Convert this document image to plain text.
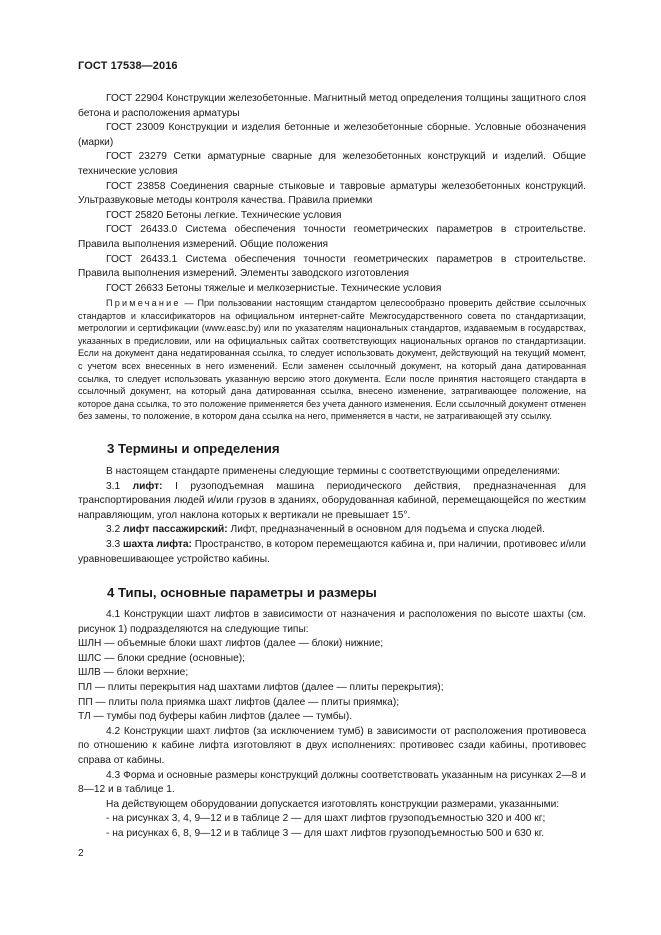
ГОСТ 17538—2016

ГОСТ 22904 Конструкции железобетонные. Магнитный метод определения толщины защитного слоя бетона и расположения арматуры

ГОСТ 23009 Конструкции и изделия бетонные и железобетонные сборные. Условные обозначения (марки)

ГОСТ 23279 Сетки арматурные сварные для железобетонных конструкций и изделий. Общие технические условия

ГОСТ 23858 Соединения сварные стыковые и тавровые арматуры железобетонных конструкций. Ультразвуковые методы контроля качества. Правила приемки

ГОСТ 25820 Бетоны легкие. Технические условия

ГОСТ 26433.0 Система обеспечения точности геометрических параметров в строительстве. Правила выполнения измерений. Общие положения

ГОСТ 26433.1 Система обеспечения точности геометрических параметров в строительстве. Правила выполнения измерений. Элементы заводского изготовления

ГОСТ 26633 Бетоны тяжелые и мелкозернистые. Технические условия

Примечание — При пользовании настоящим стандартом целесообразно проверить действие ссылочных стандартов и классификаторов на официальном интернет-сайте Межгосударственного совета по стандартизации, метрологии и сертификации (www.easc.by) или по указателям национальных стандартов, издаваемым в государствах, указанных в предисловии, или на официальных сайтах соответствующих национальных органов по стандартизации. Если на документ дана недатированная ссылка, то следует использовать документ, действующий на текущий момент, с учетом всех внесенных в него изменений. Если заменен ссылочный документ, на который дана датированная ссылка, то следует использовать указанную версию этого документа. Если после принятия настоящего стандарта в ссылочный документ, на который дана датированная ссылка, внесено изменение, затрагивающее положение, на которое дана ссылка, то это положение применяется без учета данного изменения. Если ссылочный документ отменен без замены, то положение, в котором дана ссылка на него, применяется в части, не затрагивающей эту ссылку.

3 Термины и определения

В настоящем стандарте применены следующие термины с соответствующими определениями:

3.1 лифт: I рузоподъемная машина периодического действия, предназначенная для транспортирования людей и/или грузов в зданиях, оборудованная кабиной, перемещающейся по жестким направляющим, угол наклона которых к вертикали не превышает 15°.

3.2 лифт пассажирский: Лифт, предназначенный в основном для подъема и спуска людей.

3.3 шахта лифта: Пространство, в котором перемещаются кабина и, при наличии, противовес и/или уравновешивающее устройство кабины.

4 Типы, основные параметры и размеры

4.1 Конструкции шахт лифтов в зависимости от назначения и расположения по высоте шахты (см. рисунок 1) подразделяются на следующие типы:

ШЛН — объемные блоки шахт лифтов (далее — блоки) нижние;

ШЛС — блоки средние (основные);

ШЛВ — блоки верхние;

ПЛ — плиты перекрытия над шахтами лифтов (далее — плиты перекрытия);

ПП — плиты пола приямка шахт лифтов (далее — плиты приямка);

ТЛ — тумбы под буферы кабин лифтов (далее — тумбы).

4.2 Конструкции шахт лифтов (за исключением тумб) в зависимости от расположения противовеса по отношению к кабине лифта изготовляют в двух исполнениях: противовес сзади кабины, противовес справа от кабины.

4.3 Форма и основные размеры конструкций должны соответствовать указанным на рисунках 2—8 и 8—12 и в таблице 1.

На действующем оборудовании допускается изготовлять конструкции размерами, указанными:

- на рисунках 3, 4, 9—12 и в таблице 2 — для шахт лифтов грузоподъемностью 320 и 400 кг;

- на рисунках 6, 8, 9—12 и в таблице 3 — для шахт лифтов грузоподъемностью 500 и 630 кг.

2
